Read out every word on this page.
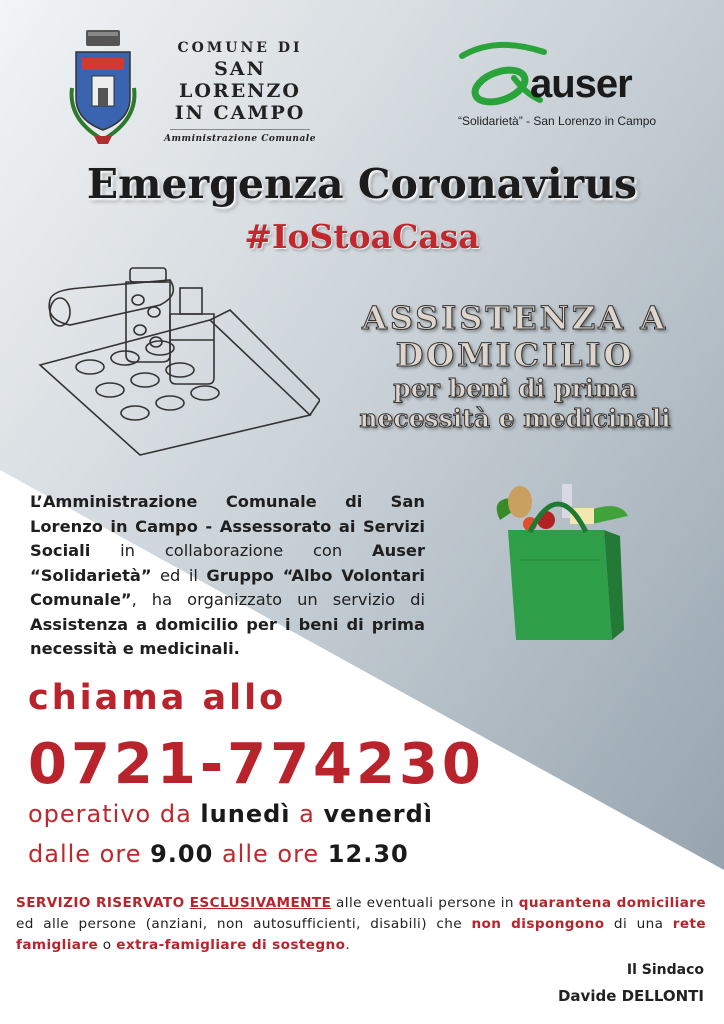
COMUNE DI
SAN LORENZO
IN CAMPO
Amministrazione Comunale
auser
“Solidarietà” - San Lorenzo in Campo
Emergenza Coronavirus
#IoStoaCasa
ASSISTENZA A
DOMICILIO
per beni di prima
necessità e medicinali
L’Amministrazione Comunale di San Lorenzo in Campo - Assessorato ai Servizi Sociali in collaborazione con Auser “Solidarietà” ed il Gruppo “Albo Volontari Comunale”, ha organizzato un servizio di Assistenza a domicilio per i beni di prima necessità e medicinali.
chiama allo
0721-774230
operativo da lunedì a venerdì
dalle ore 9.00 alle ore 12.30
SERVIZIO RISERVATO ESCLUSIVAMENTE alle eventuali persone in quarantena domiciliare ed alle persone (anziani, non autosufficienti, disabili) che non dispongono di una rete famigliare o extra-famigliare di sostegno.
Il Sindaco
Davide DELLONTI
